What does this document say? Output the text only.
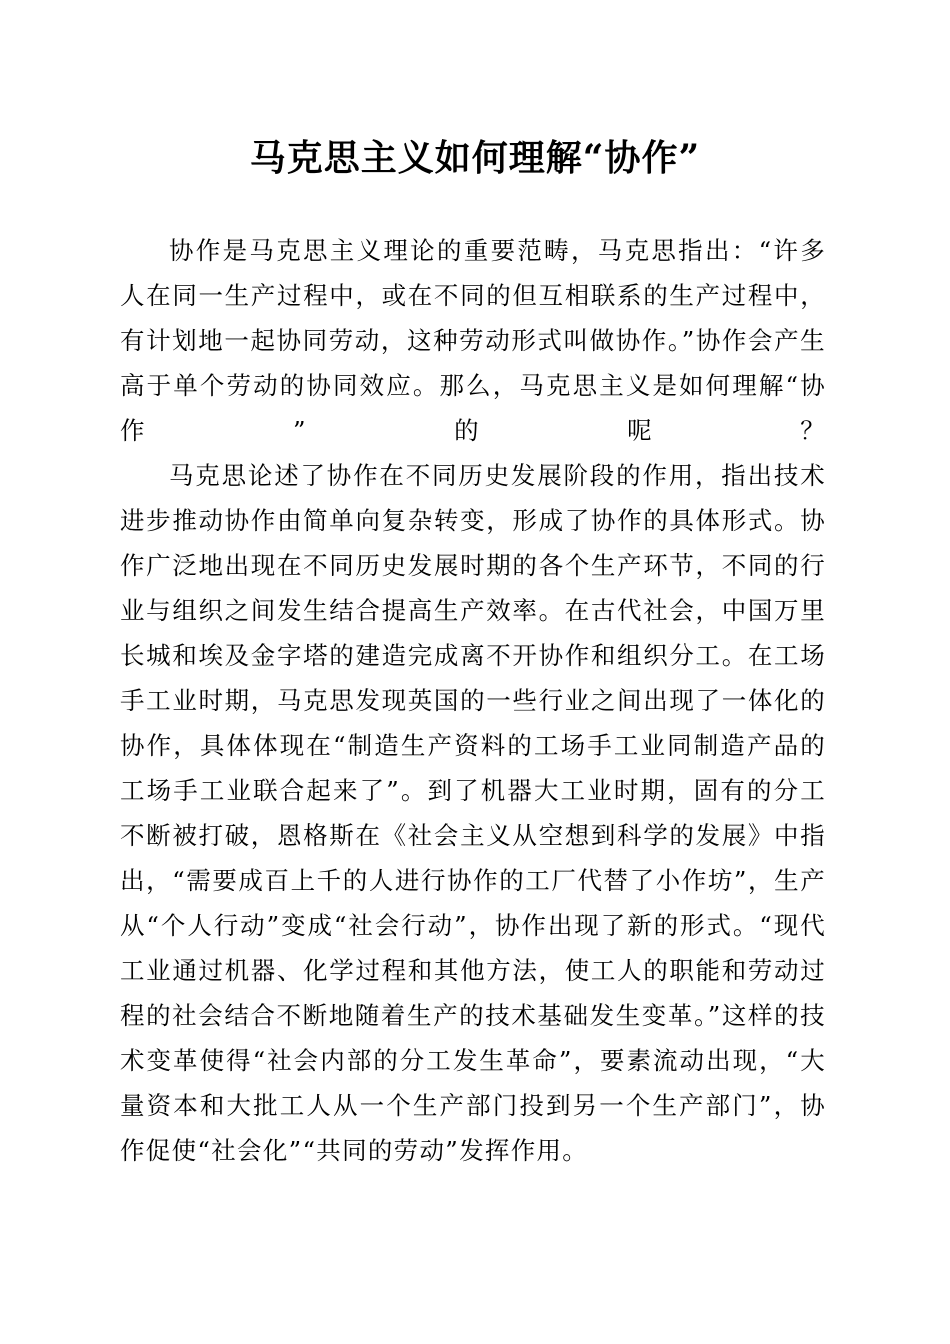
马克思主义如何理解“协作”

协作是马克思主义理论的重要范畴，马克思指出：“许多人在同一生产过程中，或在不同的但互相联系的生产过程中，有计划地一起协同劳动，这种劳动形式叫做协作。”协作会产生高于单个劳动的协同效应。那么，马克思主义是如何理解“协作”的呢？

马克思论述了协作在不同历史发展阶段的作用，指出技术进步推动协作由简单向复杂转变，形成了协作的具体形式。协作广泛地出现在不同历史发展时期的各个生产环节，不同的行业与组织之间发生结合提高生产效率。在古代社会，中国万里长城和埃及金字塔的建造完成离不开协作和组织分工。在工场手工业时期，马克思发现英国的一些行业之间出现了一体化的协作，具体体现在“制造生产资料的工场手工业同制造产品的工场手工业联合起来了”。到了机器大工业时期，固有的分工不断被打破，恩格斯在《社会主义从空想到科学的发展》中指出，“需要成百上千的人进行协作的工厂代替了小作坊”，生产从“个人行动”变成“社会行动”，协作出现了新的形式。“现代工业通过机器、化学过程和其他方法，使工人的职能和劳动过程的社会结合不断地随着生产的技术基础发生变革。”这样的技术变革使得“社会内部的分工发生革命”，要素流动出现，“大量资本和大批工人从一个生产部门投到另一个生产部门”，协作促使“社会化”“共同的劳动”发挥作用。
